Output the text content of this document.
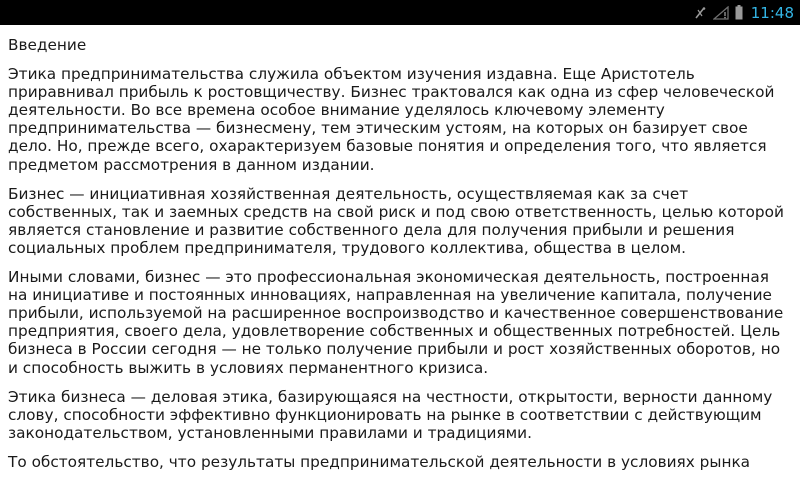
11:48

Введение

Этика предпринимательства служила объектом изучения издавна. Еще Аристотель приравнивал прибыль к ростовщичеству. Бизнес трактовался как одна из сфер человеческой деятельности. Во все времена особое внимание уделялось ключевому элементу предпринимательства — бизнесмену, тем этическим устоям, на которых он базирует свое дело. Но, прежде всего, охарактеризуем базовые понятия и определения того, что является предметом рассмотрения в данном издании.

Бизнес — инициативная хозяйственная деятельность, осуществляемая как за счет собственных, так и заемных средств на свой риск и под свою ответственность, целью которой является становление и развитие собственного дела для получения прибыли и решения социальных проблем предпринимателя, трудового коллектива, общества в целом.

Иными словами, бизнес — это профессиональная экономическая деятельность, построенная на инициативе и постоянных инновациях, направленная на увеличение капитала, получение прибыли, используемой на расширенное воспроизводство и качественное совершенствование предприятия, своего дела, удовлетворение собственных и общественных потребностей. Цель бизнеса в России сегодня — не только получение прибыли и рост хозяйственных оборотов, но и способность выжить в условиях перманентного кризиса.

Этика бизнеса — деловая этика, базирующаяся на честности, открытости, верности данному слову, способности эффективно функционировать на рынке в соответствии с действующим законодательством, установленными правилами и традициями.

То обстоятельство, что результаты предпринимательской деятельности в условиях рынка
